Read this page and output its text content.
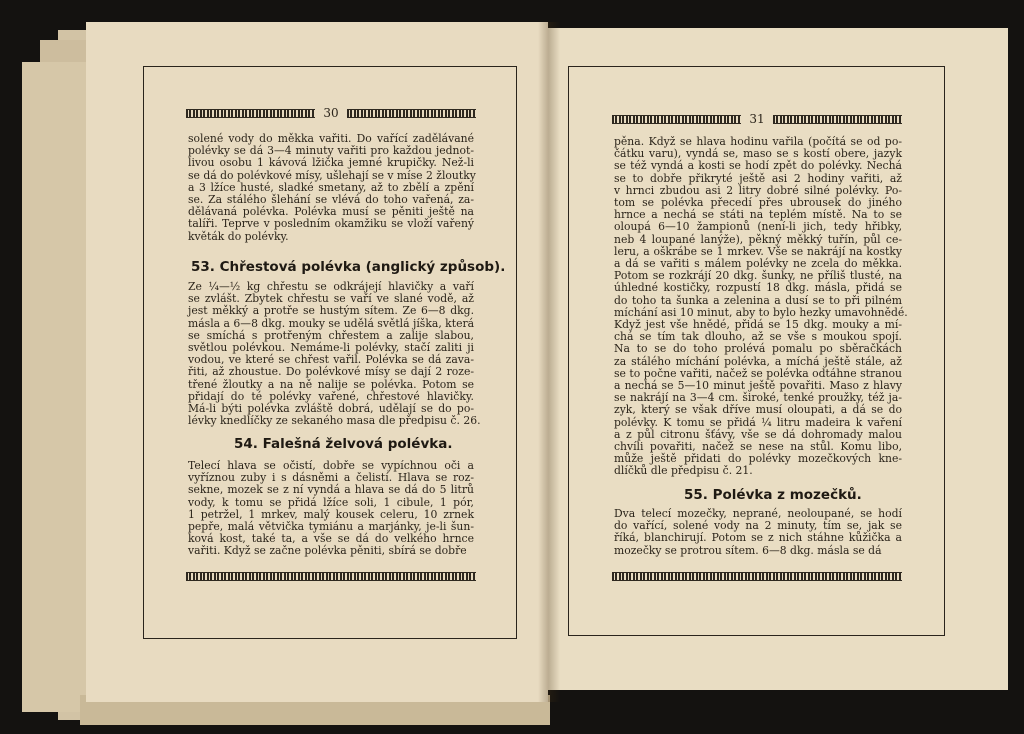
30
solené vody do měkka vařiti. Do vařící zadělávané
polévky se dá 3—4 minuty vařiti pro každou jednot-
livou osobu 1 kávová lžička jemné krupičky. Než-li
se dá do polévkové mísy, ušlehají se v míse 2 žloutky
a 3 lžíce husté, sladké smetany, až to zbělí a zpění
se. Za stálého šlehání se vlévá do toho vařená, za-
dělávaná polévka. Polévka musí se pěniti ještě na
talíři. Teprve v posledním okamžiku se vloží vařený
květák do polévky.
53. Chřestová polévka (anglický způsob).
Ze ¼—½ kg chřestu se odkrájejí hlavičky a vaří
se zvlášt. Zbytek chřestu se vaří ve slané vodě, až
jest měkký a protře se hustým sítem. Ze 6—8 dkg.
másla a 6—8 dkg. mouky se udělá světlá jíška, která
se smíchá s protřeným chřestem a zalije slabou,
světlou polévkou. Nemáme-li polévky, stačí zaliti ji
vodou, ve které se chřest vařil. Polévka se dá zava-
řiti, až zhoustue. Do polévkové mísy se dají 2 roze-
třené žloutky a na ně nalije se polévka. Potom se
přidají do té polévky vařené, chřestové hlavičky.
Má-li býti polévka zvláště dobrá, udělají se do po-
lévky knedlíčky ze sekaného masa dle předpisu č. 26.
54. Falešná želvová polévka.
Telecí hlava se očistí, dobře se vypíchnou oči a
vyříznou zuby i s dásněmi a čelistí. Hlava se roz-
sekne, mozek se z ní vyndá a hlava se dá do 5 litrů
vody, k tomu se přidá lžíce soli, 1 cibule, 1 pór,
1 petržel, 1 mrkev, malý kousek celeru, 10 zrnek
pepře, malá větvička tymiánu a marjánky, je-li šun-
ková kost, také ta, a vše se dá do velkého hrnce
vařiti. Když se začne polévka pěniti, sbírá se dobře
31
pěna. Když se hlava hodinu vařila (počítá se od po-
čátku varu), vyndá se, maso se s kostí obere, jazyk
se též vyndá a kosti se hodí zpět do polévky. Nechá
se to dobře přikryté ještě asi 2 hodiny vařiti, až
v hrnci zbudou asi 2 litry dobré silné polévky. Po-
tom se polévka přecedí přes ubrousek do jiného
hrnce a nechá se státi na teplém místě. Na to se
oloupá 6—10 žampionů (není-li jich, tedy hřibky,
neb 4 loupané lanýže), pěkný měkký tuřín, půl ce-
leru, a oškrábe se 1 mrkev. Vše se nakrájí na kostky
a dá se vařiti s málem polévky ne zcela do měkka.
Potom se rozkrájí 20 dkg. šunky, ne příliš tlusté, na
úhledné kostičky, rozpustí 18 dkg. másla, přidá se
do toho ta šunka a zelenina a dusí se to při pilném
míchání asi 10 minut, aby to bylo hezky umavohnědé.
Když jest vše hnědé, přidá se 15 dkg. mouky a mí-
chá se tím tak dlouho, až se vše s moukou spojí.
Na to se do toho prolévá pomalu po sběračkách
za stálého míchání polévka, a míchá ještě stále, až
se to počne vařiti, načež se polévka odtáhne stranou
a nechá se 5—10 minut ještě povařiti. Maso z hlavy
se nakrájí na 3—4 cm. široké, tenké proužky, též ja-
zyk, který se však dříve musí oloupati, a dá se do
polévky. K tomu se přidá ¼ litru madeira k vaření
a z půl citronu šťávy, vše se dá dohromady malou
chvíli povařiti, načež se nese na stůl. Komu libo,
může ještě přidati do polévky mozečkových kne-
dlíčků dle předpisu č. 21.
55. Polévka z mozečků.
Dva telecí mozečky, neprané, neoloupané, se hodí
do vařící, solené vody na 2 minuty, tím se, jak se
říká, blanchirují. Potom se z nich stáhne kůžička a
mozečky se protrou sítem. 6—8 dkg. másla se dá
